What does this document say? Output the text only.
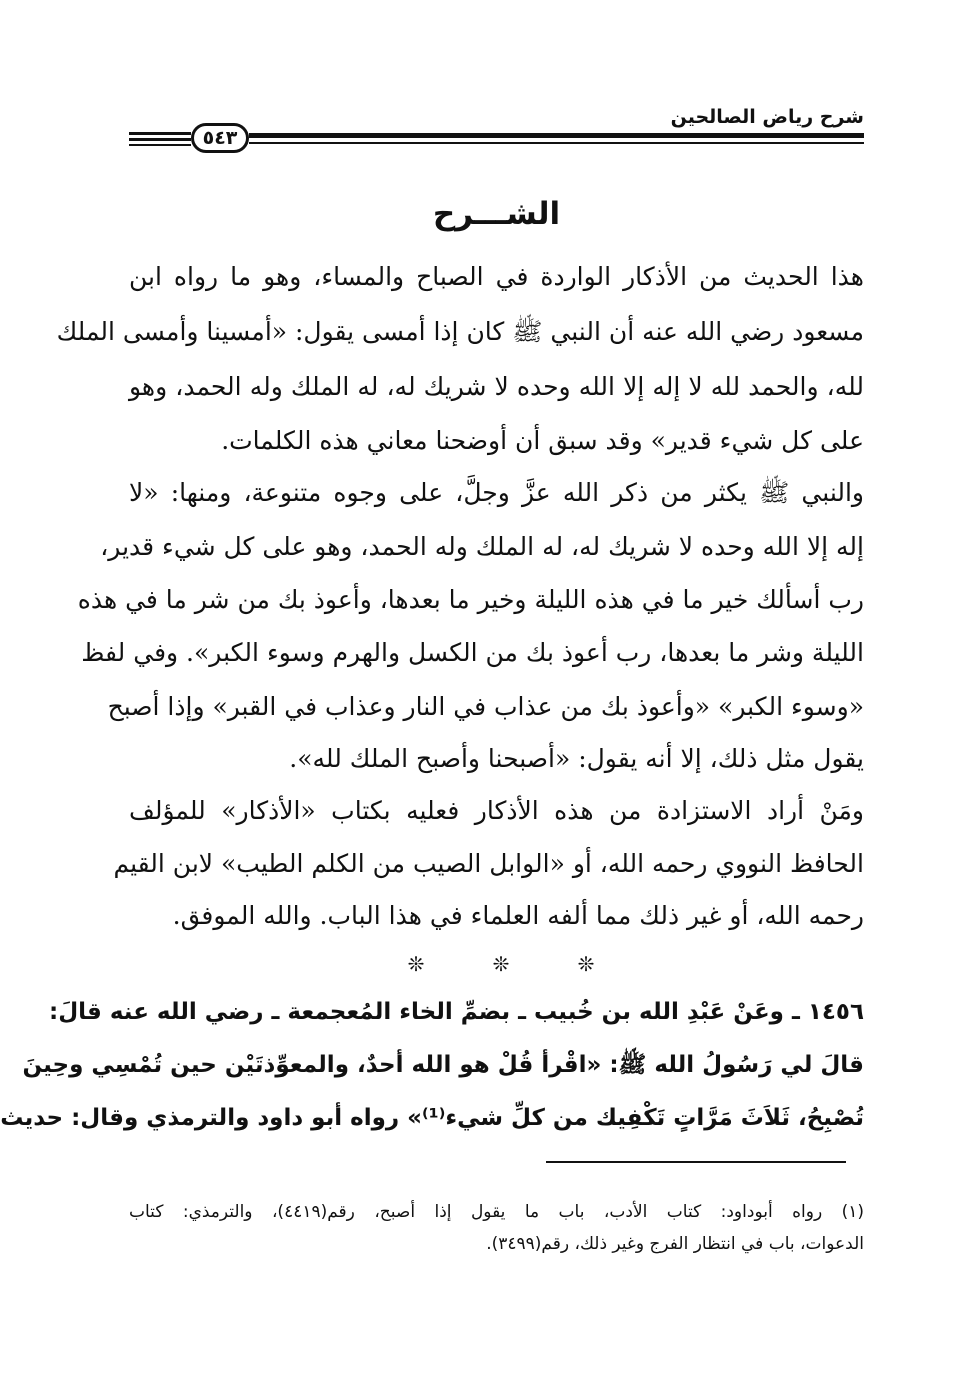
شرح رياض الصالحين
٥٤٣
الشـــرح
هذا الحديث من الأذكار الواردة في الصباح والمساء، وهو ما رواه ابن
مسعود رضي الله عنه أن النبي ﷺ كان إذا أمسى يقول: «أمسينا وأمسى الملك
لله، والحمد لله لا إله إلا الله وحده لا شريك له، له الملك وله الحمد، وهو
على كل شيء قدير» وقد سبق أن أوضحنا معاني هذه الكلمات.
والنبي ﷺ يكثر من ذكر الله عزَّ وجلَّ، على وجوه متنوعة، ومنها: «لا
إله إلا الله وحده لا شريك له، له الملك وله الحمد، وهو على كل شيء قدير،
رب أسألك خير ما في هذه الليلة وخير ما بعدها، وأعوذ بك من شر ما في هذه
الليلة وشر ما بعدها، رب أعوذ بك من الكسل والهرم وسوء الكبر». وفي لفظ
«وسوء الكبر» «وأعوذ بك من عذاب في النار وعذاب في القبر» وإذا أصبح
يقول مثل ذلك، إلا أنه يقول: «أصبحنا وأصبح الملك لله».
ومَنْ أراد الاستزادة من هذه الأذكار فعليه بكتاب «الأذكار» للمؤلف
الحافظ النووي رحمه الله، أو «الوابل الصيب من الكلم الطيب» لابن القيم
رحمه الله، أو غير ذلك مما ألفه العلماء في هذا الباب. والله الموفق.
❊
❊
❊
١٤٥٦ ـ وعَنْ عَبْدِ الله بن خُبيب ـ بضمِّ الخاء المُعجمعة ـ رضي الله عنه قالَ:
قالَ لي رَسُولُ الله ﷺ: «اقْرأ قُلْ هو الله أحدٌ، والمعوِّذتَيْن حين تُمْسِي وحِينَ
تُصْبِحُ، ثَلاَثَ مَرَّاتٍ تَكْفِيك من كلِّ شيء⁽¹⁾» رواه أبو داود والترمذي وقال: حديث
(١) رواه أبوداود: كتاب الأدب، باب ما يقول إذا أصبح، رقم(٤٤١٩)، والترمذي: كتاب
الدعوات، باب في انتظار الفرج وغير ذلك، رقم(٣٤٩٩).
